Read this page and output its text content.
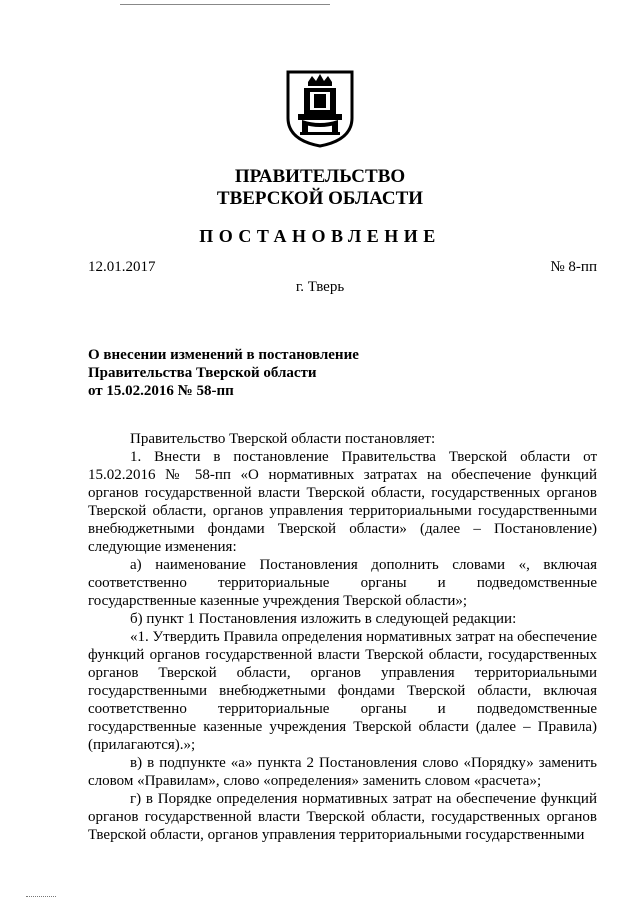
ПРАВИТЕЛЬСТВО
ТВЕРСКОЙ ОБЛАСТИ
ПОСТАНОВЛЕНИЕ
12.01.2017	№ 8-пп
г. Тверь
О внесении изменений в постановление
Правительства Тверской области
от 15.02.2016 № 58-пп

Правительство Тверской области постановляет:

1. Внести в постановление Правительства Тверской области от 15.02.2016 № 58-пп «О нормативных затратах на обеспечение функций органов государственной власти Тверской области, государственных органов Тверской области, органов управления территориальными государственными внебюджетными фондами Тверской области» (далее – Постановление) следующие изменения:

а) наименование Постановления дополнить словами «, включая соответственно территориальные органы и подведомственные государственные казенные учреждения Тверской области»;

б) пункт 1 Постановления изложить в следующей редакции:

«1. Утвердить Правила определения нормативных затрат на обеспечение функций органов государственной власти Тверской области, государственных органов Тверской области, органов управления территориальными государственными внебюджетными фондами Тверской области, включая соответственно территориальные органы и подведомственные государственные казенные учреждения Тверской области (далее – Правила) (прилагаются).»;

в) в подпункте «а» пункта 2 Постановления слово «Порядку» заменить словом «Правилам», слово «определения» заменить словом «расчета»;

г) в Порядке определения нормативных затрат на обеспечение функций органов государственной власти Тверской области, государственных органов Тверской области, органов управления территориальными государственными
